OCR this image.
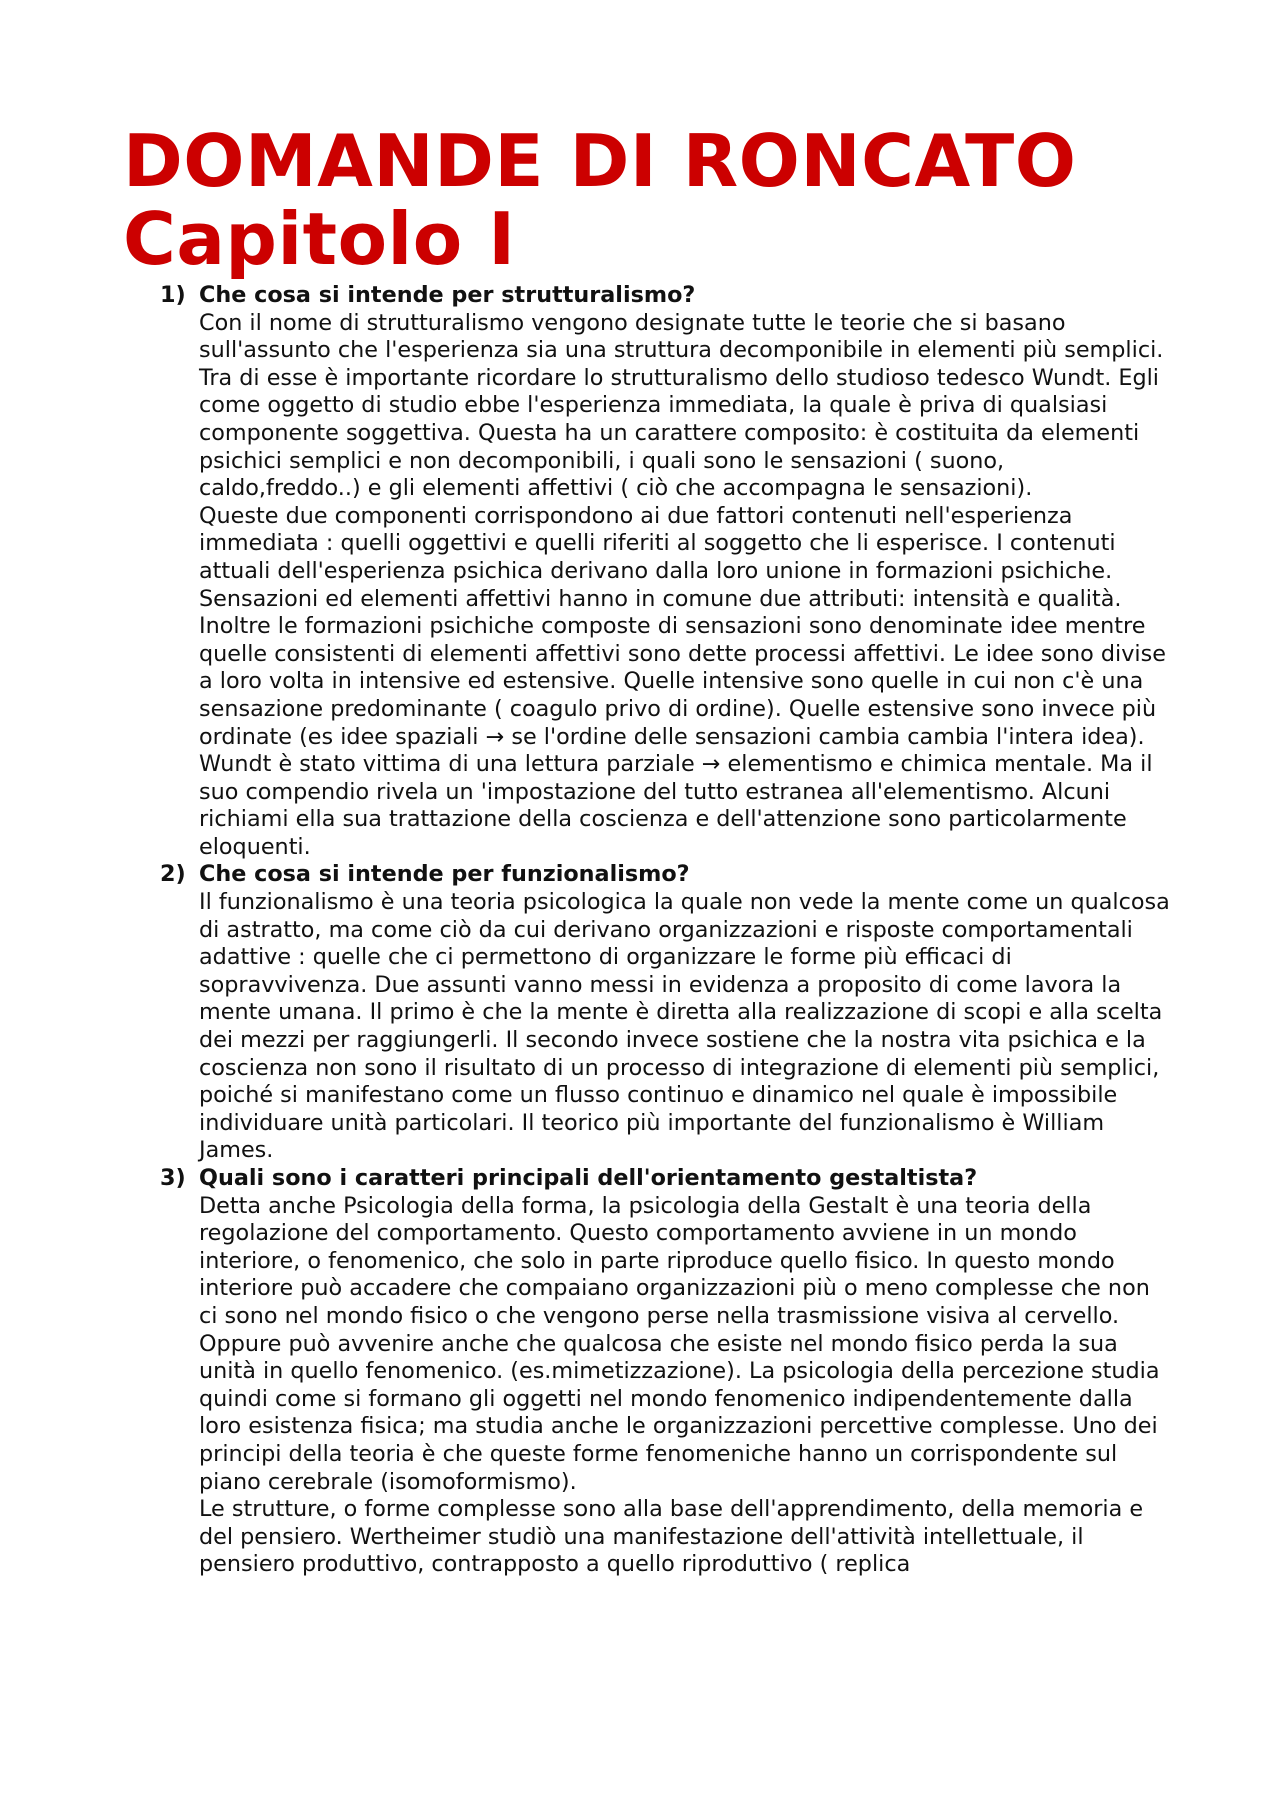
DOMANDE DI RONCATO
Capitolo I
1) Che cosa si intende per strutturalismo?
Con il nome di strutturalismo vengono designate tutte le teorie che si basano sull'assunto che l'esperienza sia una struttura decomponibile in elementi più semplici. Tra di esse è importante ricordare lo strutturalismo dello studioso tedesco Wundt. Egli come oggetto di studio ebbe l'esperienza immediata, la quale è priva di qualsiasi componente soggettiva. Questa ha un carattere composito: è costituita da elementi psichici semplici e non decomponibili, i quali sono le sensazioni ( suono, caldo,freddo..) e gli elementi affettivi ( ciò che accompagna le sensazioni).
Queste due componenti corrispondono ai due fattori contenuti nell'esperienza immediata : quelli oggettivi e quelli riferiti al soggetto che li esperisce. I contenuti attuali dell'esperienza psichica derivano dalla loro unione in formazioni psichiche. Sensazioni ed elementi affettivi hanno in comune due attributi: intensità e qualità. Inoltre le formazioni psichiche composte di sensazioni sono denominate idee mentre quelle consistenti di elementi affettivi sono dette processi affettivi. Le idee sono divise a loro volta in intensive ed estensive. Quelle intensive sono quelle in cui non c'è una sensazione predominante ( coagulo privo di ordine). Quelle estensive sono invece più ordinate (es idee spaziali → se l'ordine delle sensazioni cambia cambia l'intera idea).
Wundt è stato vittima di una lettura parziale → elementismo e chimica mentale. Ma il suo compendio rivela un 'impostazione del tutto estranea all'elementismo. Alcuni richiami ella sua trattazione della coscienza e dell'attenzione sono particolarmente eloquenti.
2) Che cosa si intende per funzionalismo?
Il funzionalismo è una teoria psicologica la quale non vede la mente come un qualcosa di astratto, ma come ciò da cui derivano organizzazioni e risposte comportamentali adattive : quelle che ci permettono di organizzare le forme più efficaci di sopravvivenza. Due assunti vanno messi in evidenza a proposito di come lavora la mente umana. Il primo è che la mente è diretta alla realizzazione di scopi e alla scelta dei mezzi per raggiungerli. Il secondo invece sostiene che la nostra vita psichica e la coscienza non sono il risultato di un processo di integrazione di elementi più semplici, poiché si manifestano come un flusso continuo e dinamico nel quale è impossibile individuare unità particolari. Il teorico più importante del funzionalismo è William James.
3) Quali sono i caratteri principali dell'orientamento gestaltista?
Detta anche Psicologia della forma, la psicologia della Gestalt è una teoria della regolazione del comportamento. Questo comportamento avviene in un mondo interiore, o fenomenico, che solo in parte riproduce quello fisico. In questo mondo interiore può accadere che compaiano organizzazioni più o meno complesse che non ci sono nel mondo fisico o che vengono perse nella trasmissione visiva al cervello. Oppure può avvenire anche che qualcosa che esiste nel mondo fisico perda la sua unità in quello fenomenico. (es.mimetizzazione). La psicologia della percezione studia quindi come si formano gli oggetti nel mondo fenomenico indipendentemente dalla loro esistenza fisica; ma studia anche le organizzazioni percettive complesse. Uno dei principi della teoria è che queste forme fenomeniche hanno un corrispondente sul piano cerebrale (isomoformismo).
Le strutture, o forme complesse sono alla base dell'apprendimento, della memoria e del pensiero. Wertheimer studiò una manifestazione dell'attività intellettuale, il pensiero produttivo, contrapposto a quello riproduttivo ( replica
